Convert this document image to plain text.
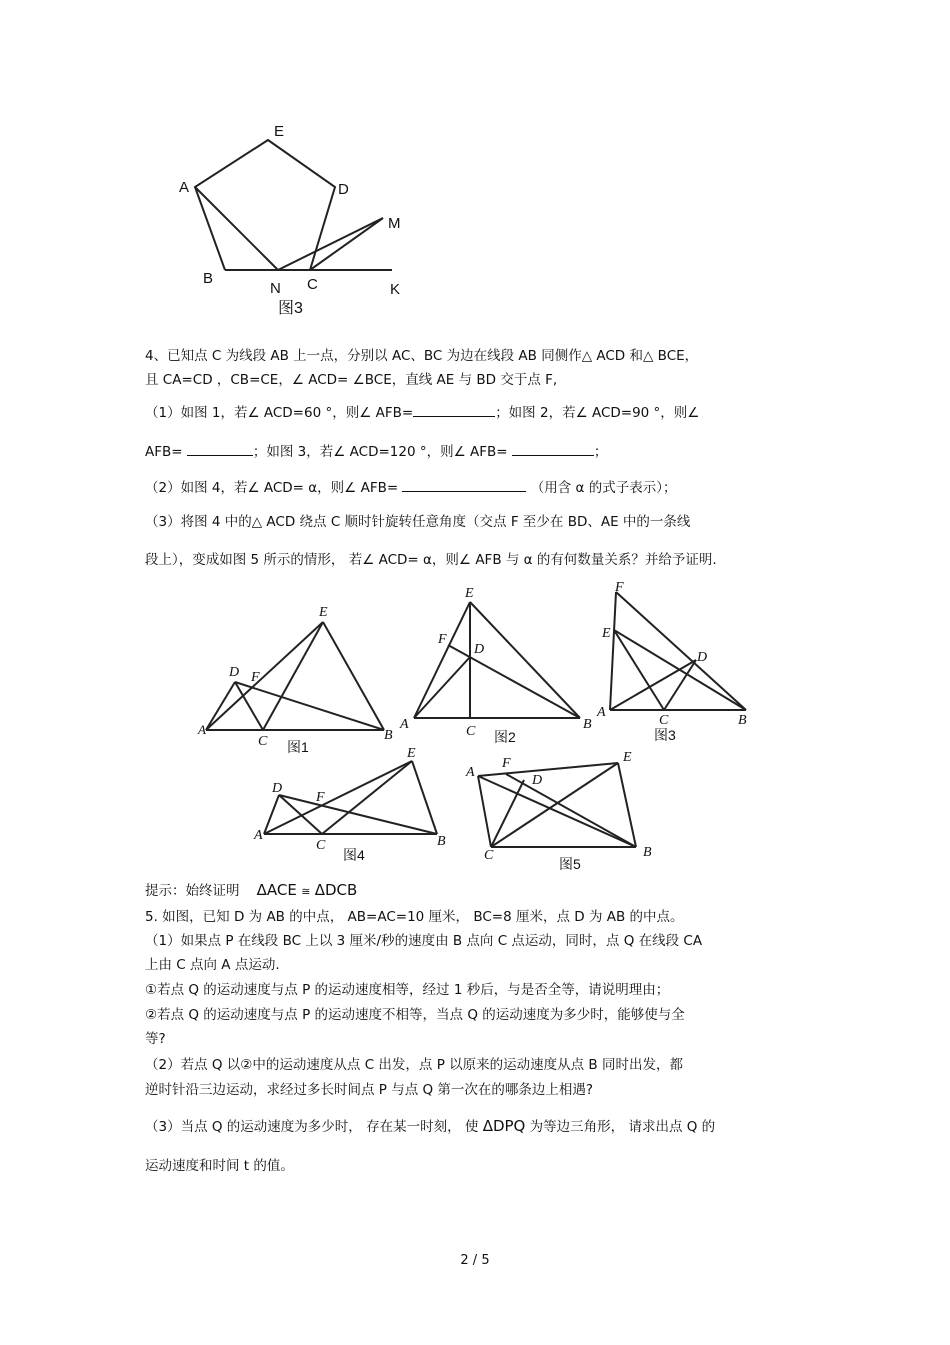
E
A	D
M
B
N C	K
图3
4、已知点 C 为线段 AB 上一点，分别以 AC、BC 为边在线段 AB 同侧作△ ACD 和△ BCE，
且 CA=CD ，CB=CE，∠ ACD= ∠BCE，直线 AE 与 BD 交于点 F,
（1）如图 1，若∠ ACD=60 °，则∠ AFB=	；如图 2，若∠ ACD=90 °，则∠
AFB=	；如图 3，若∠ ACD=120 °，则∠ AFB=	；
（2）如图 4，若∠ ACD= α，则∠ AFB=	（用含 α 的式子表示）；
（3）将图 4 中的△ ACD 绕点 C 顺时针旋转任意角度（交点 F 至少在 BD、AE 中的一条线
段上），变成如图 5 所示的情形， 若∠ ACD= α，则∠ AFB 与 α 的有何数量关系？并给予证明.
E
D F
A
C	B
图1
E
F
D
A	C	B
图2
F
E
D
A
C	B
图3
E
D
F
A
C	B
图4
A
F
D
E
C	B
图5
提示：始终证明 ΔACE ≅ ΔDCB
5. 如图，已知 D 为 AB 的中点， AB=AC=10 厘米， BC=8 厘米，点 D 为 AB 的中点。
（1）如果点 P 在线段 BC 上以 3 厘米/秒的速度由 B 点向 C 点运动，同时，点 Q 在线段 CA
上由 C 点向 A 点运动.
①若点 Q 的运动速度与点 P 的运动速度相等，经过 1 秒后，与是否全等，请说明理由；
②若点 Q 的运动速度与点 P 的运动速度不相等，当点 Q 的运动速度为多少时，能够使与全
等?
（2）若点 Q 以②中的运动速度从点 C 出发，点 P 以原来的运动速度从点 B 同时出发，都
逆时针沿三边运动，求经过多长时间点 P 与点 Q 第一次在的哪条边上相遇?
（3）当点 Q 的运动速度为多少时， 存在某一时刻， 使 ΔDPQ 为等边三角形， 请求出点 Q 的
运动速度和时间 t 的值。
2 / 5
